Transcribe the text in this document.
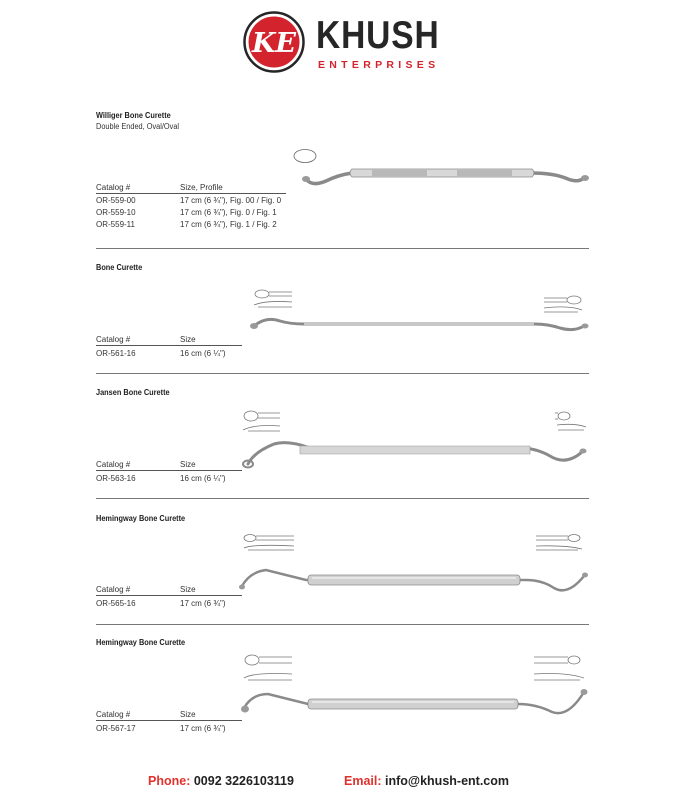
KE KHUSH
ENTERPRISES
Williger Bone Curette
Double Ended, Oval/Oval
Catalog #	Size, Profile
OR-559-00	17 cm (6 ¾"), Fig. 00 / Fig. 0
OR-559-10	17 cm (6 ¾"), Fig. 0 / Fig. 1
OR-559-11	17 cm (6 ¾"), Fig. 1 / Fig. 2
Bone Curette
Catalog #	Size
OR-561-16	16 cm (6 ¼")
Jansen Bone Curette
Catalog #	Size
OR-563-16	16 cm (6 ¼")
Hemingway Bone Curette
Catalog #	Size
OR-565-16	17 cm (6 ¾")
Hemingway Bone Curette
Catalog #	Size
OR-567-17	17 cm (6 ¾")
Phone: 0092 3226103119	Email: info@khush-ent.com
